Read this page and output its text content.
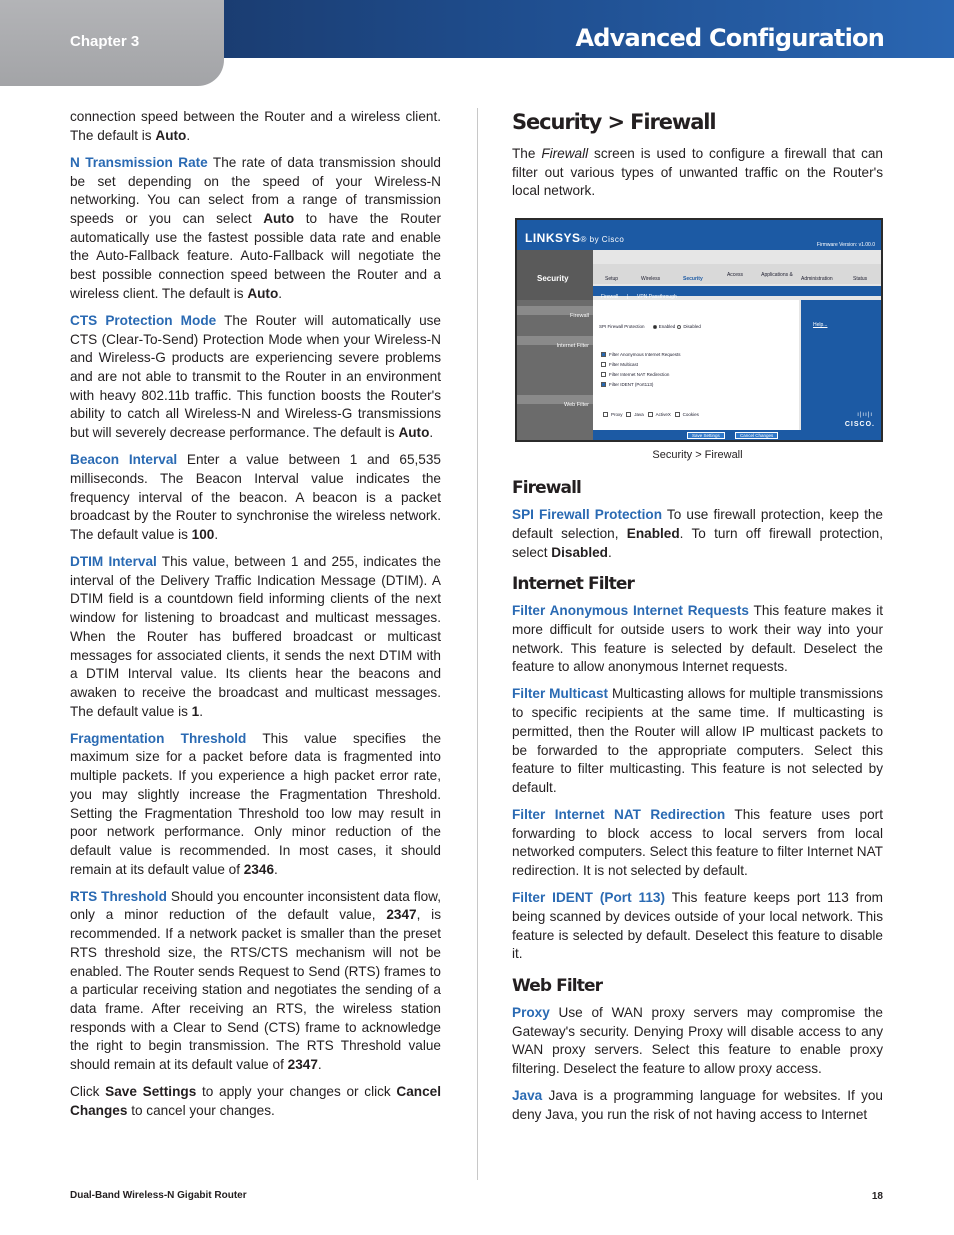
Chapter 3	Advanced Configuration

connection speed between the Router and a wireless client. The default is Auto.

N Transmission Rate The rate of data transmission should be set depending on the speed of your Wireless-N networking. You can select from a range of transmission speeds or you can select Auto to have the Router automatically use the fastest possible data rate and enable the Auto-Fallback feature. Auto-Fallback will negotiate the best possible connection speed between the Router and a wireless client. The default is Auto.

CTS Protection Mode The Router will automatically use CTS (Clear-To-Send) Protection Mode when your Wireless-N and Wireless-G products are experiencing severe problems and are not able to transmit to the Router in an environment with heavy 802.11b traffic. This function boosts the Router's ability to catch all Wireless-N and Wireless-G transmissions but will severely decrease performance. The default is Auto.

Beacon Interval Enter a value between 1 and 65,535 milliseconds. The Beacon Interval value indicates the frequency interval of the beacon. A beacon is a packet broadcast by the Router to synchronise the wireless network. The default value is 100.

DTIM Interval This value, between 1 and 255, indicates the interval of the Delivery Traffic Indication Message (DTIM). A DTIM field is a countdown field informing clients of the next window for listening to broadcast and multicast messages. When the Router has buffered broadcast or multicast messages for associated clients, it sends the next DTIM with a DTIM Interval value. Its clients hear the beacons and awaken to receive the broadcast and multicast messages. The default value is 1.

Fragmentation Threshold This value specifies the maximum size for a packet before data is fragmented into multiple packets. If you experience a high packet error rate, you may slightly increase the Fragmentation Threshold. Setting the Fragmentation Threshold too low may result in poor network performance. Only minor reduction of the default value is recommended. In most cases, it should remain at its default value of 2346.

RTS Threshold Should you encounter inconsistent data flow, only a minor reduction of the default value, 2347, is recommended. If a network packet is smaller than the preset RTS threshold size, the RTS/CTS mechanism will not be enabled. The Router sends Request to Send (RTS) frames to a particular receiving station and negotiates the sending of a data frame. After receiving an RTS, the wireless station responds with a Clear to Send (CTS) frame to acknowledge the right to begin transmission. The RTS Threshold value should remain at its default value of 2347.

Click Save Settings to apply your changes or click Cancel Changes to cancel your changes.

Security > Firewall

The Firewall screen is used to configure a firewall that can filter out various types of unwanted traffic on the Router's local network.

LINKSYS® by Cisco
Firmware Version: v1.00.0
Security	Setup	Wireless	Security
Access	Applications &
Administration	Status
Firewall | VPN Passthrough
Firewall
Internet Filter
Web Filter
SPI Firewall Protection	Enabled Disabled
Filter Anonymous Internet Requests
Filter Multicast
Filter Internet NAT Redirection
Filter IDENT (Port113)
Proxy	Java	ActiveX	Cookies
Help...
ı|ıı|ı
CISCO.
Save Settings	Cancel Changes
Security > Firewall
Firewall

SPI Firewall Protection To use firewall protection, keep the default selection, Enabled. To turn off firewall protection, select Disabled.

Internet Filter

Filter Anonymous Internet Requests This feature makes it more difficult for outside users to work their way into your network. This feature is selected by default. Deselect the feature to allow anonymous Internet requests.

Filter Multicast Multicasting allows for multiple transmissions to specific recipients at the same time. If multicasting is permitted, then the Router will allow IP multicast packets to be forwarded to the appropriate computers. Select this feature to filter multicasting. This feature is not selected by default.

Filter Internet NAT Redirection This feature uses port forwarding to block access to local servers from local networked computers. Select this feature to filter Internet NAT redirection. It is not selected by default.

Filter IDENT (Port 113) This feature keeps port 113 from being scanned by devices outside of your local network. This feature is selected by default. Deselect this feature to disable it.

Web Filter

Proxy Use of WAN proxy servers may compromise the Gateway's security. Denying Proxy will disable access to any WAN proxy servers. Select this feature to enable proxy filtering. Deselect the feature to allow proxy access.

Java Java is a programming language for websites. If you deny Java, you run the risk of not having access to Internet

Dual-Band Wireless-N Gigabit Router	18
